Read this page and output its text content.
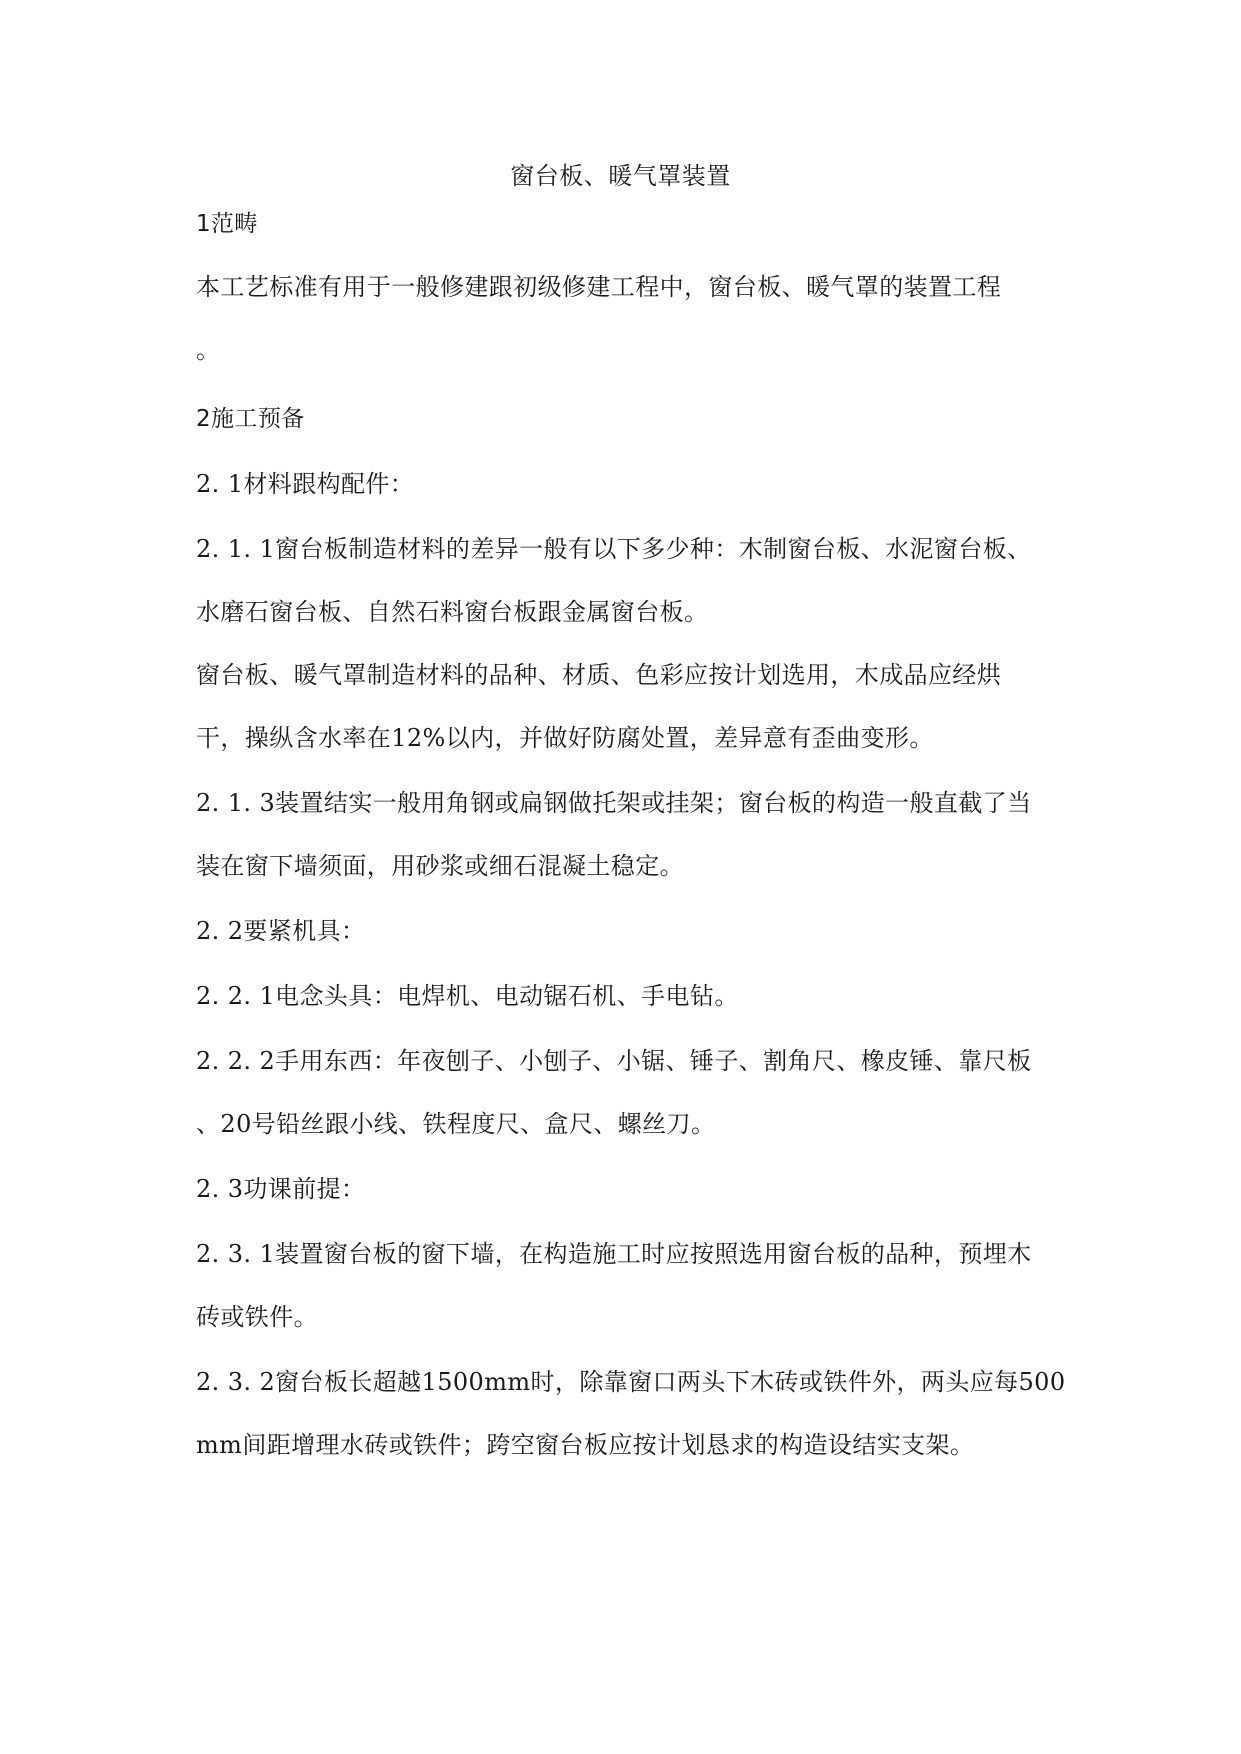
窗台板、暖气罩装置
1范畴
本工艺标准有用于一般修建跟初级修建工程中，窗台板、暖气罩的装置工程
。
2施工预备
2. 1材料跟构配件：
2. 1. 1窗台板制造材料的差异一般有以下多少种：木制窗台板、水泥窗台板、
水磨石窗台板、自然石料窗台板跟金属窗台板。
窗台板、暖气罩制造材料的品种、材质、色彩应按计划选用，木成品应经烘
干，操纵含水率在12%以内，并做好防腐处置，差异意有歪曲变形。
2. 1. 3装置结实一般用角钢或扁钢做托架或挂架；窗台板的构造一般直截了当
装在窗下墙须面，用砂浆或细石混凝土稳定。
2. 2要紧机具：
2. 2. 1电念头具：电焊机、电动锯石机、手电钻。
2. 2. 2手用东西：年夜刨子、小刨子、小锯、锤子、割角尺、橡皮锤、靠尺板
、20号铅丝跟小线、铁程度尺、盒尺、螺丝刀。
2. 3功课前提：
2. 3. 1装置窗台板的窗下墙，在构造施工时应按照选用窗台板的品种，预埋木
砖或铁件。
2. 3. 2窗台板长超越1500mm时，除靠窗口两头下木砖或铁件外，两头应每500
mm间距增理水砖或铁件；跨空窗台板应按计划恳求的构造设结实支架。
